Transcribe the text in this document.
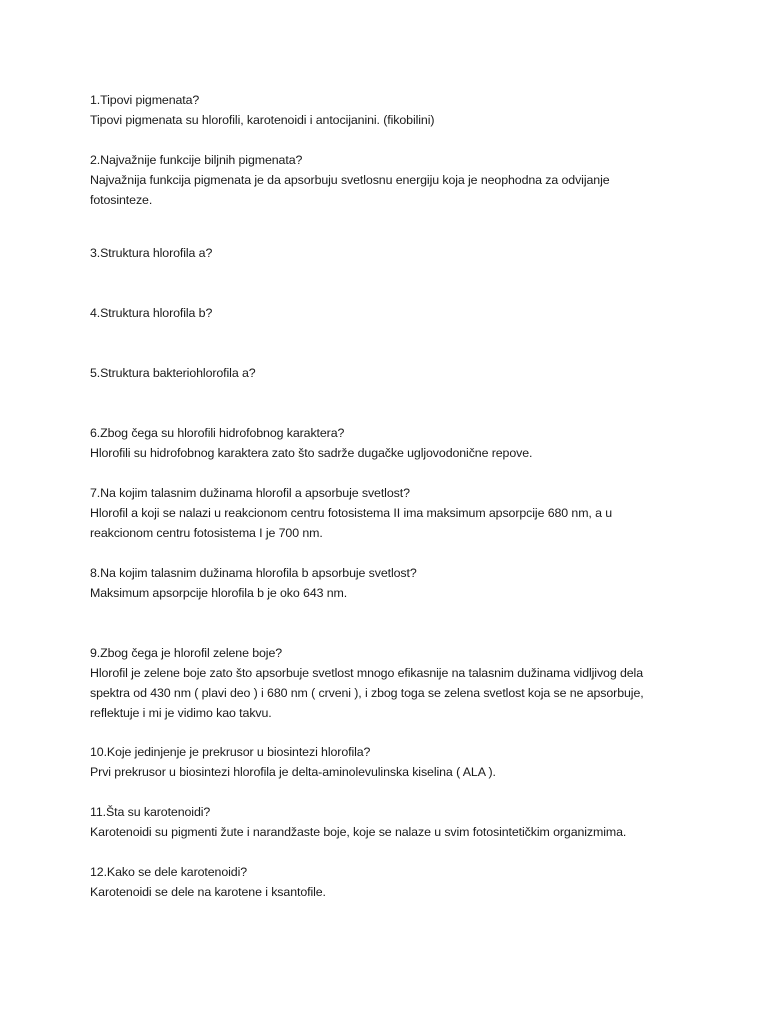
1.Tipovi pigmenata?
Tipovi pigmenata su hlorofili, karotenoidi i antocijanini. (fikobilini)
2.Najvažnije funkcije biljnih pigmenata?
Najvažnija funkcija pigmenata je da apsorbuju svetlosnu energiju koja je neophodna za odvijanje
fotosinteze.
3.Struktura hlorofila a?
4.Struktura hlorofila b?
5.Struktura bakteriohlorofila a?
6.Zbog čega su hlorofili hidrofobnog karaktera?
Hlorofili su hidrofobnog karaktera zato što sadrže dugačke ugljovodonične repove.
7.Na kojim talasnim dužinama hlorofil a apsorbuje svetlost?
Hlorofil a koji se nalazi u reakcionom centru fotosistema II ima maksimum apsorpcije 680 nm, a u
reakcionom centru fotosistema I je 700 nm.
8.Na kojim talasnim dužinama hlorofila b apsorbuje svetlost?
Maksimum apsorpcije hlorofila b je oko 643 nm.
9.Zbog čega je hlorofil zelene boje?
Hlorofil je zelene boje zato što apsorbuje svetlost mnogo efikasnije na talasnim dužinama vidljivog dela
spektra od 430 nm ( plavi deo ) i 680 nm ( crveni ), i zbog toga se zelena svetlost koja se ne apsorbuje,
reflektuje i mi je vidimo kao takvu.
10.Koje jedinjenje je prekrusor u biosintezi hlorofila?
Prvi prekrusor u biosintezi hlorofila je delta-aminolevulinska kiselina ( ALA ).
11.Šta su karotenoidi?
Karotenoidi su pigmenti žute i narandžaste boje, koje se nalaze u svim fotosintetičkim organizmima.
12.Kako se dele karotenoidi?
Karotenoidi se dele na karotene i ksantofile.
